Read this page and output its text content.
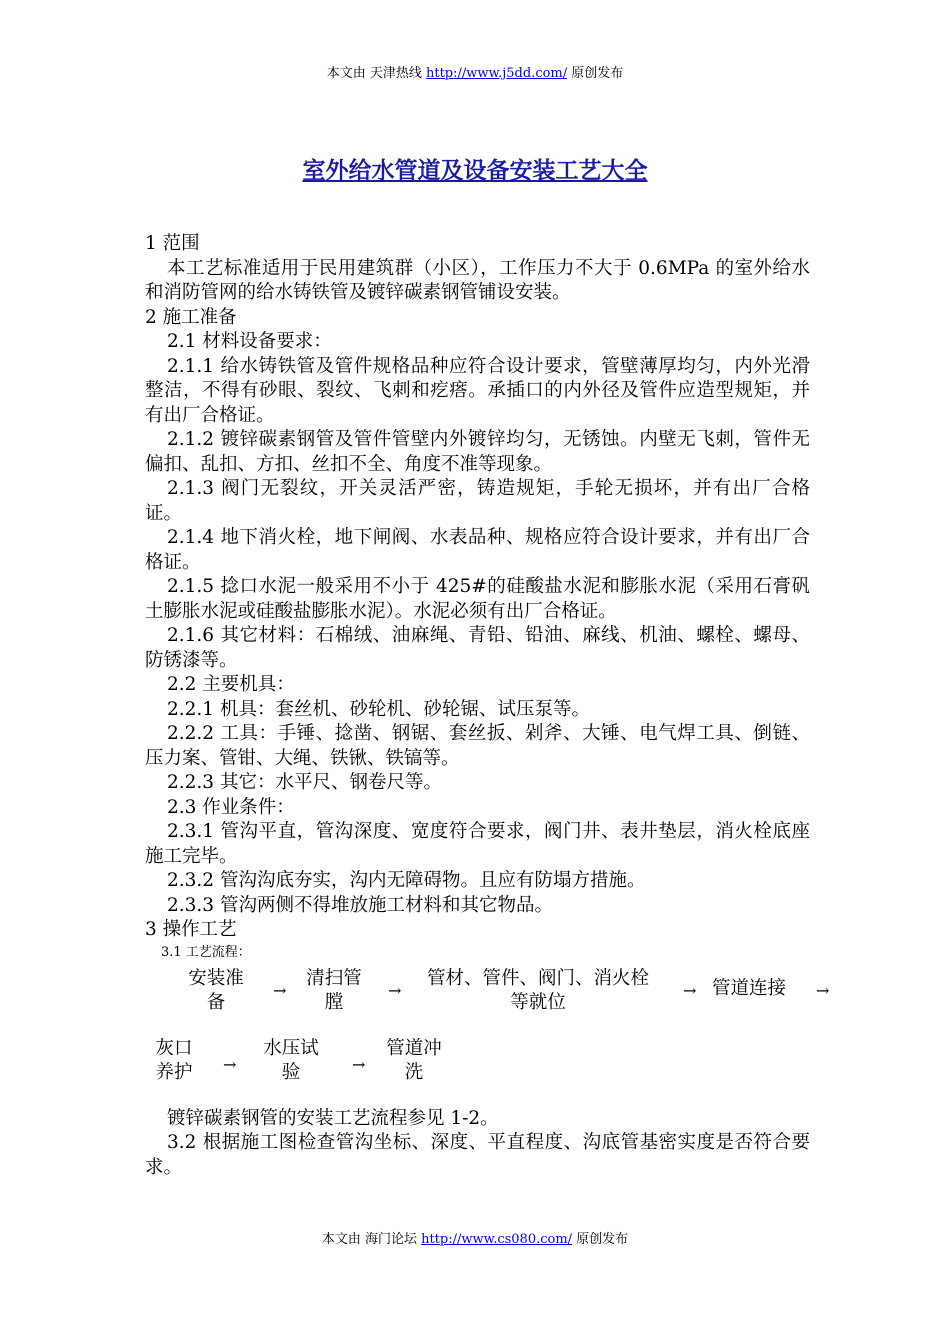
本文由 天津热线 http://www.j5dd.com/ 原创发布
室外给水管道及设备安装工艺大全

1 范围

本工艺标准适用于民用建筑群（小区），工作压力不大于 0.6MPa 的室外给水和消防管网的给水铸铁管及镀锌碳素钢管铺设安装。

2 施工准备

2.1 材料设备要求：

2.1.1 给水铸铁管及管件规格品种应符合设计要求，管壁薄厚均匀，内外光滑整洁，不得有砂眼、裂纹、飞刺和疙瘩。承插口的内外径及管件应造型规矩，并有出厂合格证。

2.1.2 镀锌碳素钢管及管件管壁内外镀锌均匀，无锈蚀。内壁无飞刺，管件无偏扣、乱扣、方扣、丝扣不全、角度不准等现象。

2.1.3 阀门无裂纹，开关灵活严密，铸造规矩，手轮无损坏，并有出厂合格证。

2.1.4 地下消火栓，地下闸阀、水表品种、规格应符合设计要求，并有出厂合格证。

2.1.5 捻口水泥一般采用不小于 425#的硅酸盐水泥和膨胀水泥（采用石膏矾土膨胀水泥或硅酸盐膨胀水泥）。水泥必须有出厂合格证。

2.1.6 其它材料：石棉绒、油麻绳、青铅、铅油、麻线、机油、螺栓、螺母、防锈漆等。

2.2 主要机具：

2.2.1 机具：套丝机、砂轮机、砂轮锯、试压泵等。

2.2.2 工具：手锤、捻凿、钢锯、套丝扳、剁斧、大锤、电气焊工具、倒链、压力案、管钳、大绳、铁锹、铁镐等。

2.2.3 其它：水平尺、钢卷尺等。

2.3 作业条件：

2.3.1 管沟平直，管沟深度、宽度符合要求，阀门井、表井垫层，消火栓底座施工完毕。

2.3.2 管沟沟底夯实，沟内无障碍物。且应有防塌方措施。

2.3.3 管沟两侧不得堆放施工材料和其它物品。

3 操作工艺

3.1 工艺流程：

安装准
备
→
清扫管
膛
→
管材、管件、阀门、消火栓
等就位
→ 管道连接	→
灰口
养护	→
水压试
验	→
管道冲
洗

镀锌碳素钢管的安装工艺流程参见 1-2。

3.2 根据施工图检查管沟坐标、深度、平直程度、沟底管基密实度是否符合要求。

本文由 海门论坛 http://www.cs080.com/ 原创发布
